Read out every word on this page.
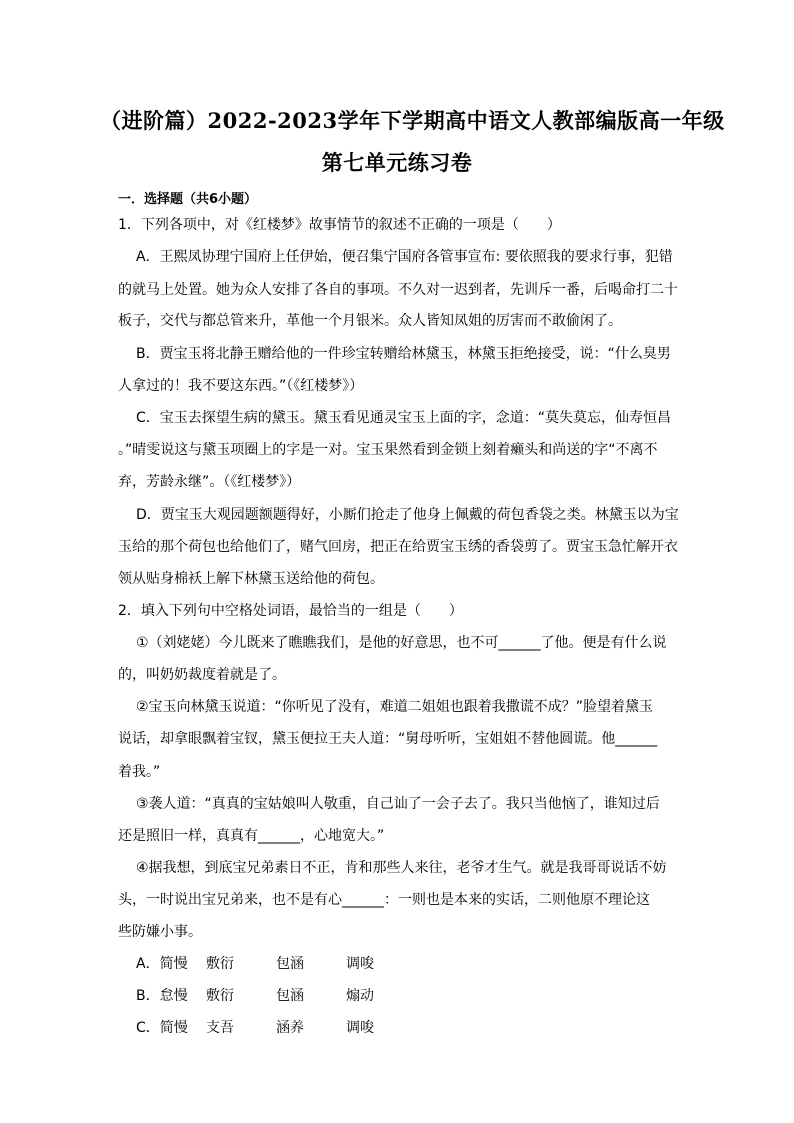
（进阶篇）2022-2023学年下学期高中语文人教部编版高一年级
第七单元练习卷
一．选择题（共6小题）
1．下列各项中，对《红楼梦》故事情节的叙述不正确的一项是（　　）
A．王熙凤协理宁国府上任伊始，便召集宁国府各管事宣布: 要依照我的要求行事，犯错
的就马上处置。她为众人安排了各自的事项。不久对一迟到者，先训斥一番，后喝命打二十
板子，交代与都总管来升，革他一个月银米。众人皆知凤姐的厉害而不敢偷闲了。
B．贾宝玉将北静王赠给他的一件珍宝转赠给林黛玉，林黛玉拒绝接受，说：“什么臭男
人拿过的！我不要这东西。”（《红楼梦》）
C．宝玉去探望生病的黛玉。黛玉看见通灵宝玉上面的字，念道：“莫失莫忘，仙寿恒昌
。”晴雯说这与黛玉项圈上的字是一对。宝玉果然看到金锁上刻着癞头和尚送的字“不离不
弃，芳龄永继”。（《红楼梦》）
D．贾宝玉大观园题额题得好，小厮们抢走了他身上佩戴的荷包香袋之类。林黛玉以为宝
玉给的那个荷包也给他们了，赌气回房，把正在给贾宝玉绣的香袋剪了。贾宝玉急忙解开衣
领从贴身棉袄上解下林黛玉送给他的荷包。
2．填入下列句中空格处词语，最恰当的一组是（　　）
①（刘姥姥）今儿既来了瞧瞧我们，是他的好意思，也不可______了他。便是有什么说
的，叫奶奶裁度着就是了。
②宝玉向林黛玉说道：“你听见了没有，难道二姐姐也跟着我撒谎不成？”脸望着黛玉
说话，却拿眼飘着宝钗，黛玉便拉王夫人道：“舅母听听，宝姐姐不替他圆谎。他______
着我。”
③袭人道：“真真的宝姑娘叫人敬重，自己讪了一会子去了。我只当他恼了，谁知过后
还是照旧一样，真真有______，心地宽大。”
④据我想，到底宝兄弟素日不正，肯和那些人来往，老爷才生气。就是我哥哥说话不妨
头，一时说出宝兄弟来，也不是有心______：一则也是本来的实话，二则他原不理论这
些防嫌小事。
A．简慢 敷衍	包涵	调唆
B．怠慢 敷衍	包涵	煽动
C．简慢 支吾	涵养	调唆
